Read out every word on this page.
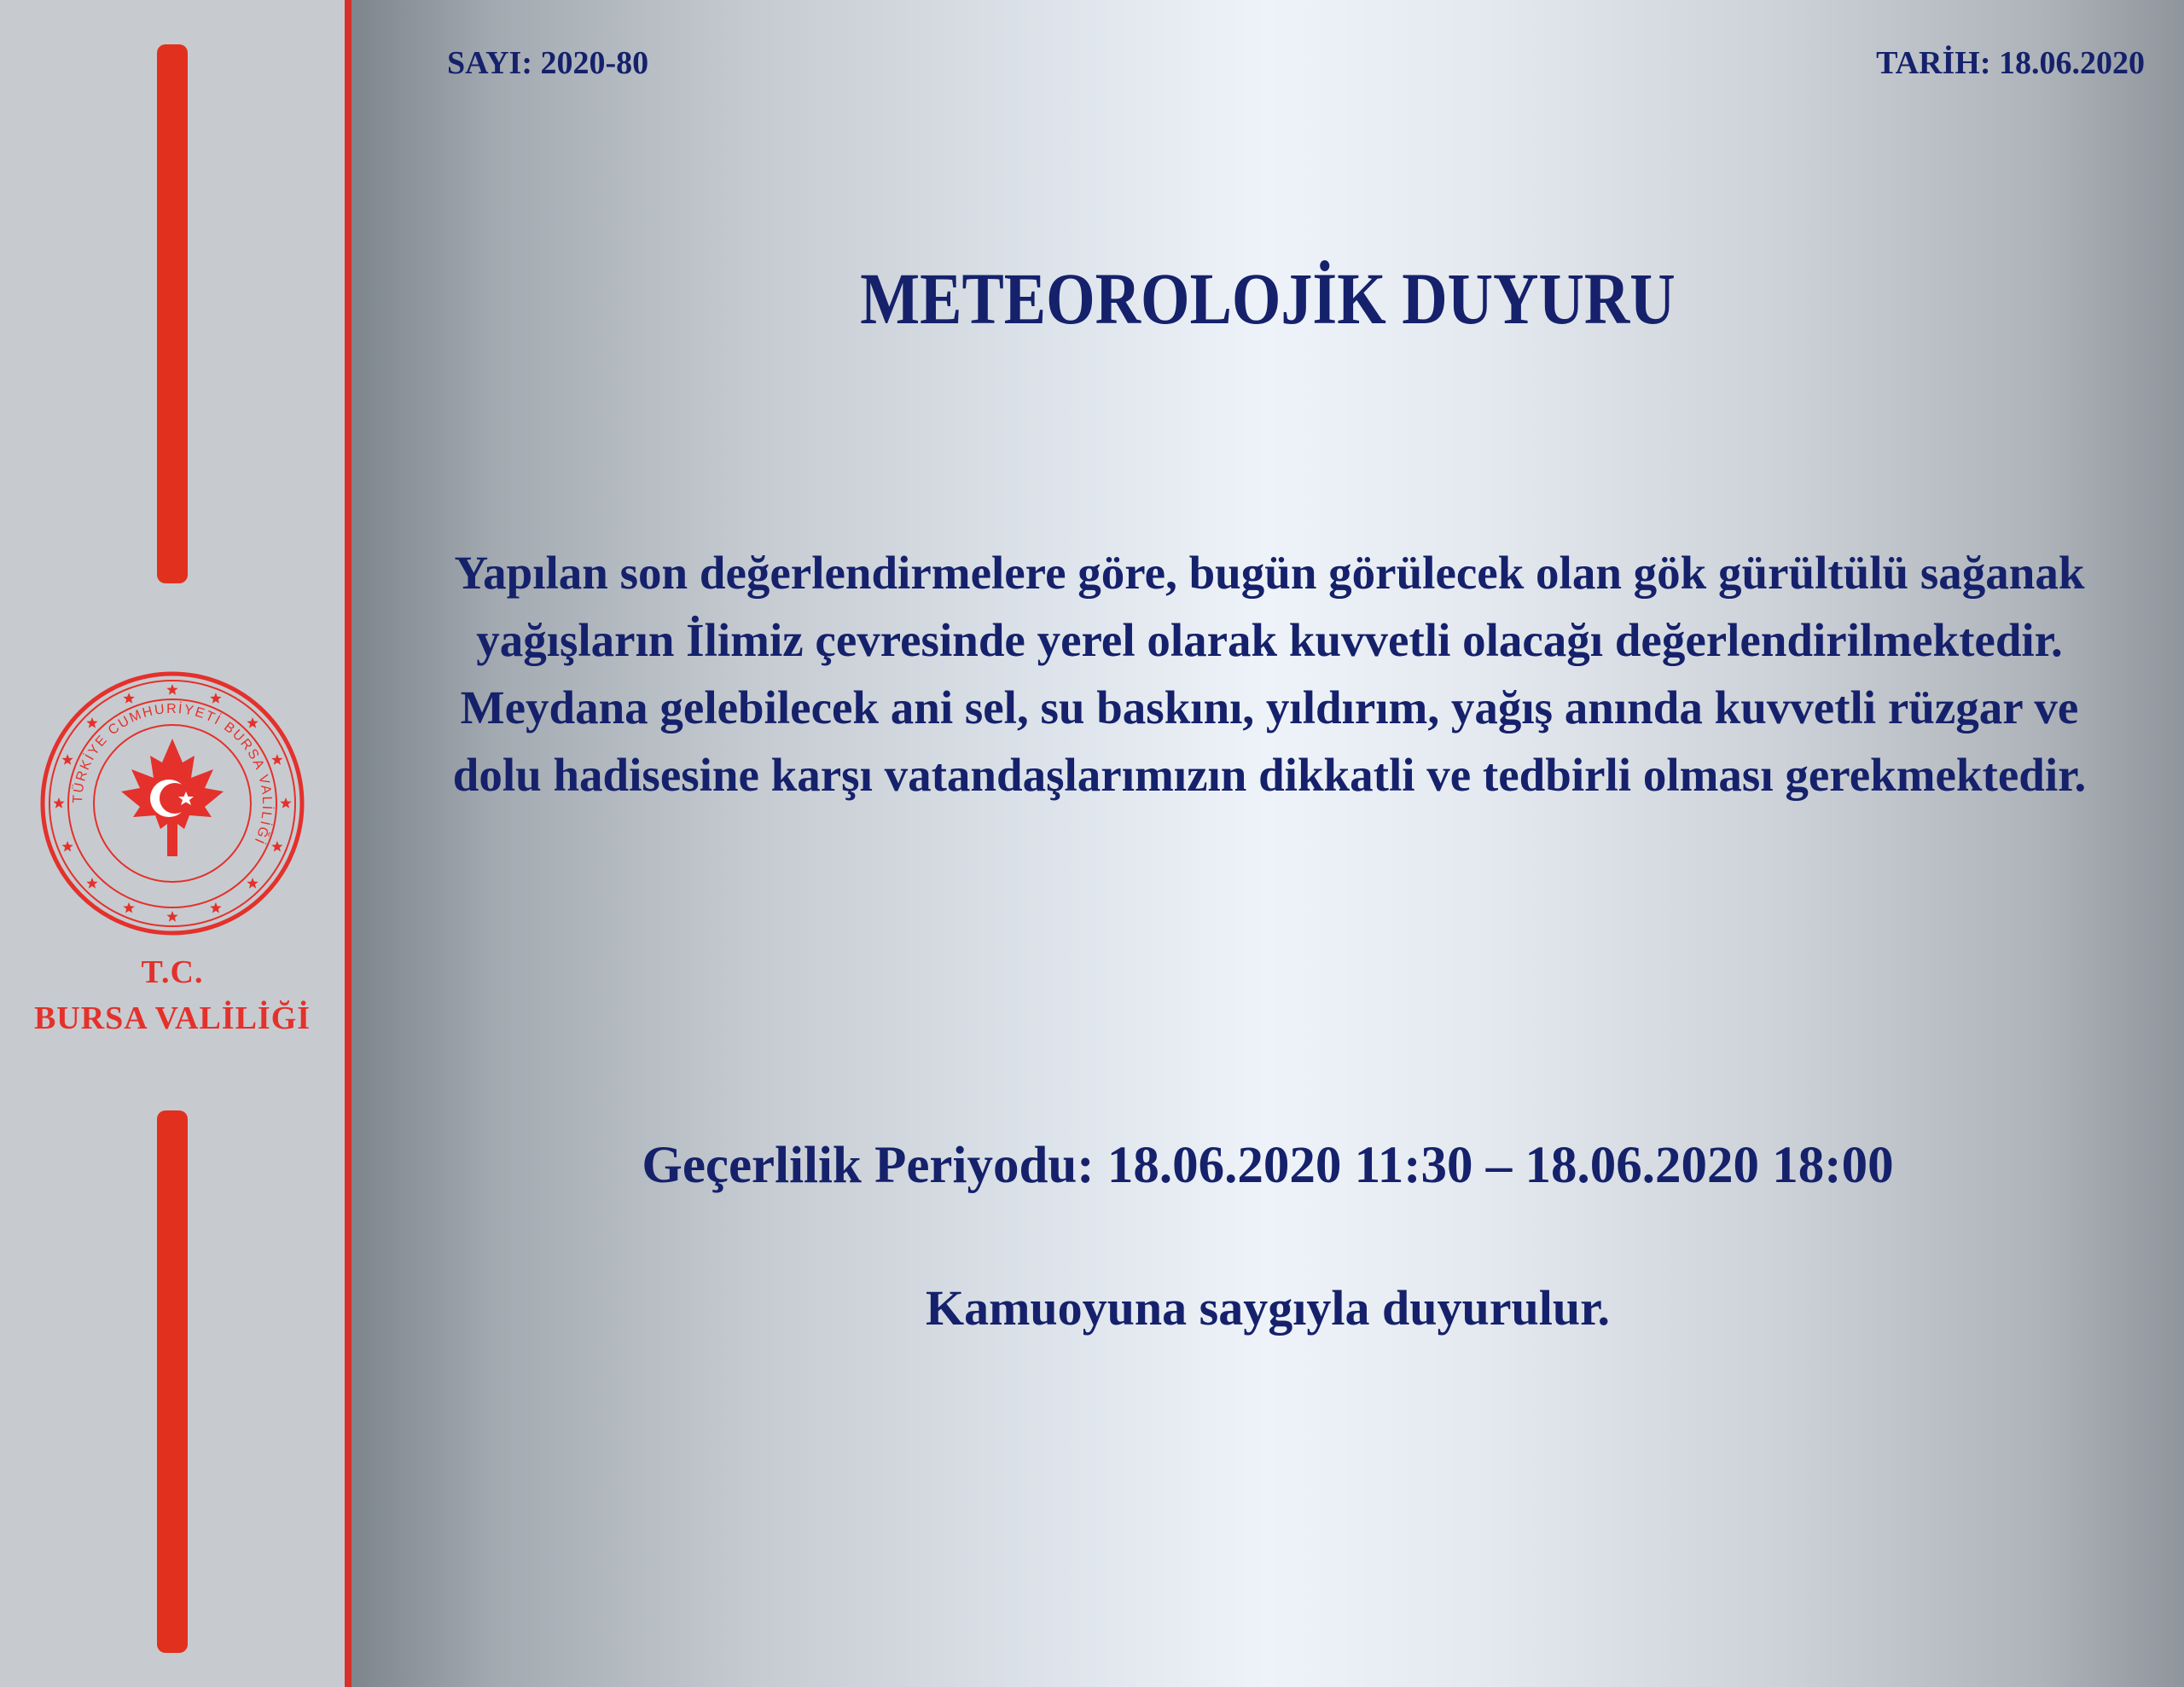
TÜRKİYE CUMHURİYETİ BURSA VALİLİĞİ
T.C.
BURSA VALİLİĞİ
SAYI: 2020-80	TARİH: 18.06.2020
METEOROLOJİK DUYURU
Yapılan son değerlendirmelere göre, bugün görülecek olan gök gürültülü sağanak yağışların İlimiz çevresinde yerel olarak kuvvetli olacağı değerlendirilmektedir. Meydana gelebilecek ani sel, su baskını, yıldırım, yağış anında kuvvetli rüzgar ve dolu hadisesine karşı vatandaşlarımızın dikkatli ve tedbirli olması gerekmektedir.
Geçerlilik Periyodu: 18.06.2020 11:30 – 18.06.2020 18:00
Kamuoyuna saygıyla duyurulur.
